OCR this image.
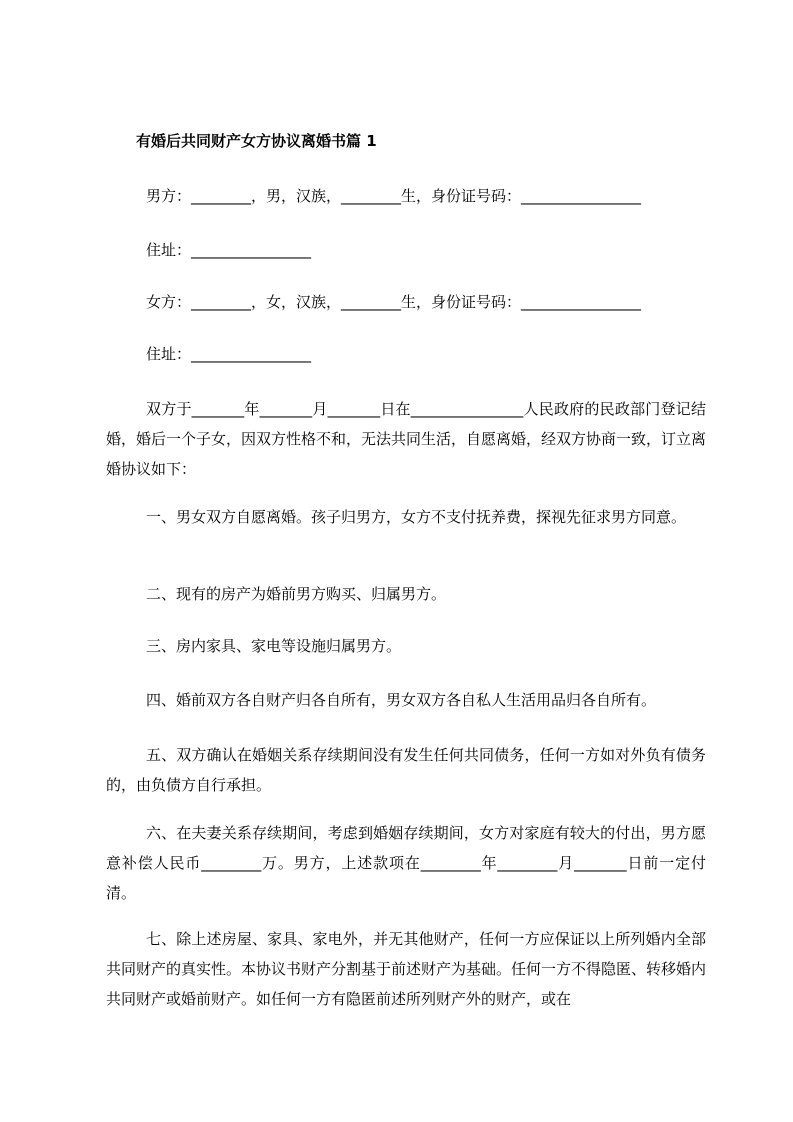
有婚后共同财产女方协议离婚书篇 1
男方：________，男，汉族，________生，身份证号码：________________
住址：________________
女方：________，女，汉族，________生，身份证号码：________________
住址：________________
双方于_______年_______月_______日在_______________人民政府的民政部门登记结婚，婚后一个子女，因双方性格不和，无法共同生活，自愿离婚，经双方协商一致，订立离婚协议如下：
一、男女双方自愿离婚。孩子归男方，女方不支付抚养费，探视先征求男方同意。
二、现有的房产为婚前男方购买、归属男方。
三、房内家具、家电等设施归属男方。
四、婚前双方各自财产归各自所有，男女双方各自私人生活用品归各自所有。
五、双方确认在婚姻关系存续期间没有发生任何共同债务，任何一方如对外负有债务的，由负债方自行承担。
六、在夫妻关系存续期间，考虑到婚姻存续期间，女方对家庭有较大的付出，男方愿意补偿人民币________万。男方，上述款项在________年________月_______日前一定付清。
七、除上述房屋、家具、家电外，并无其他财产，任何一方应保证以上所列婚内全部共同财产的真实性。本协议书财产分割基于前述财产为基础。任何一方不得隐匿、转移婚内共同财产或婚前财产。如任何一方有隐匿前述所列财产外的财产，或在
